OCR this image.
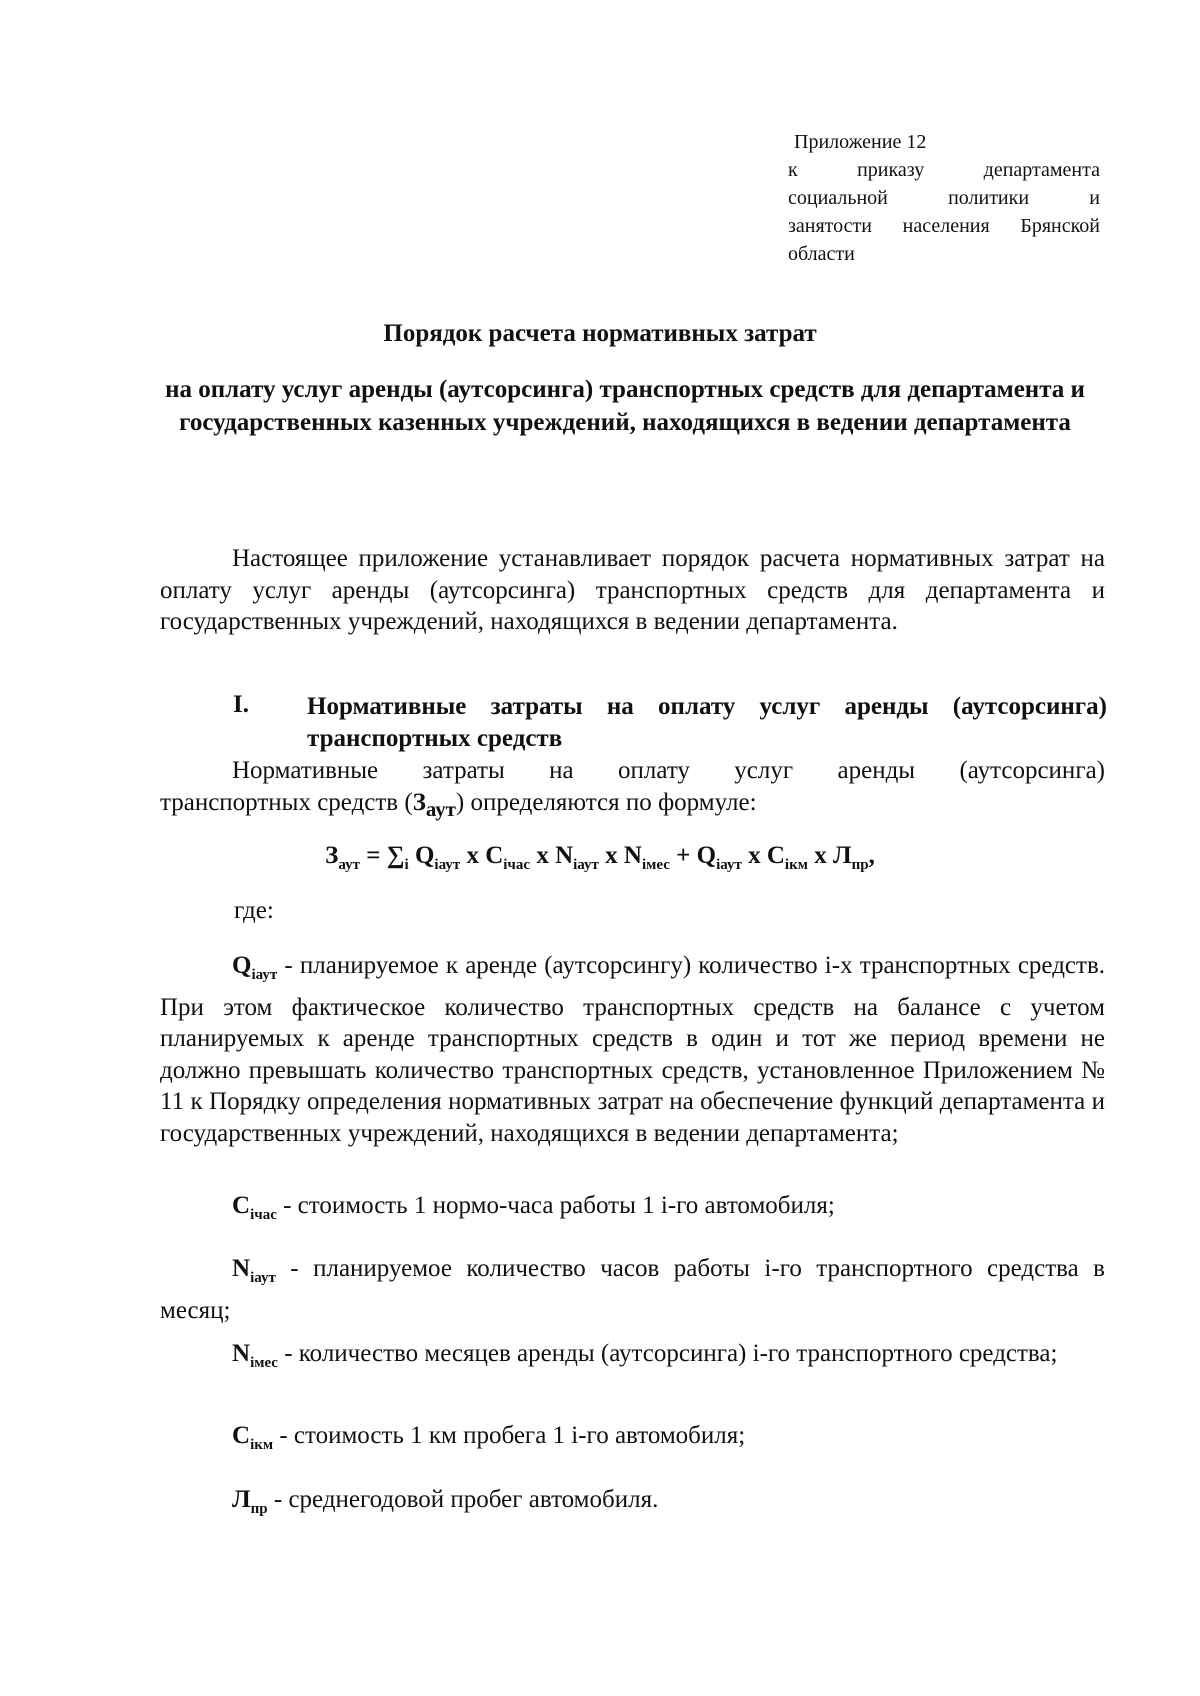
Приложение 12
к приказу департамента
социальной политики и
занятости населения Брянской
области
Порядок расчета нормативных затрат
на оплату услуг аренды (аутсорсинга) транспортных средств для департамента и государственных казенных учреждений, находящихся в ведении департамента
Настоящее приложение устанавливает порядок расчета нормативных затрат на оплату услуг аренды (аутсорсинга) транспортных средств для департамента и государственных учреждений, находящихся в ведении департамента.
I. Нормативные затраты на оплату услуг аренды (аутсорсинга) транспортных средств
Нормативные затраты на оплату услуг аренды (аутсорсинга)
транспортных средств $(З_{аут})$ определяются по формуле:
$З_{аут} = \sum_i$ $Q_{iаут}$ x $C_{iчас}$ x $N_{iаут}$ x $N_{iмес} + Q_{iаут}$ x $C_{iкм}$ x $Л_{пр}$,
где:
$Q_{iаут}$ - планируемое к аренде (аутсорсингу) количество i-х транспортных средств. При этом фактическое количество транспортных средств на балансе с учетом планируемых к аренде транспортных средств в один и тот же период времени не должно превышать количество транспортных средств, установленное Приложением № 11 к Порядку определения нормативных затрат на обеспечение функций департамента и государственных учреждений, находящихся в ведении департамента;
$C_{iчас}$ - стоимость 1 нормо-часа работы 1 i-го автомобиля;
$N_{iаут}$ - планируемое количество часов работы i-го транспортного средства в месяц;
$N_{iмес}$ - количество месяцев аренды (аутсорсинга) i-го транспортного средства;
$C_{iкм}$ - стоимость 1 км пробега 1 i-го автомобиля;
$Л_{пр}$ - среднегодовой пробег автомобиля.
